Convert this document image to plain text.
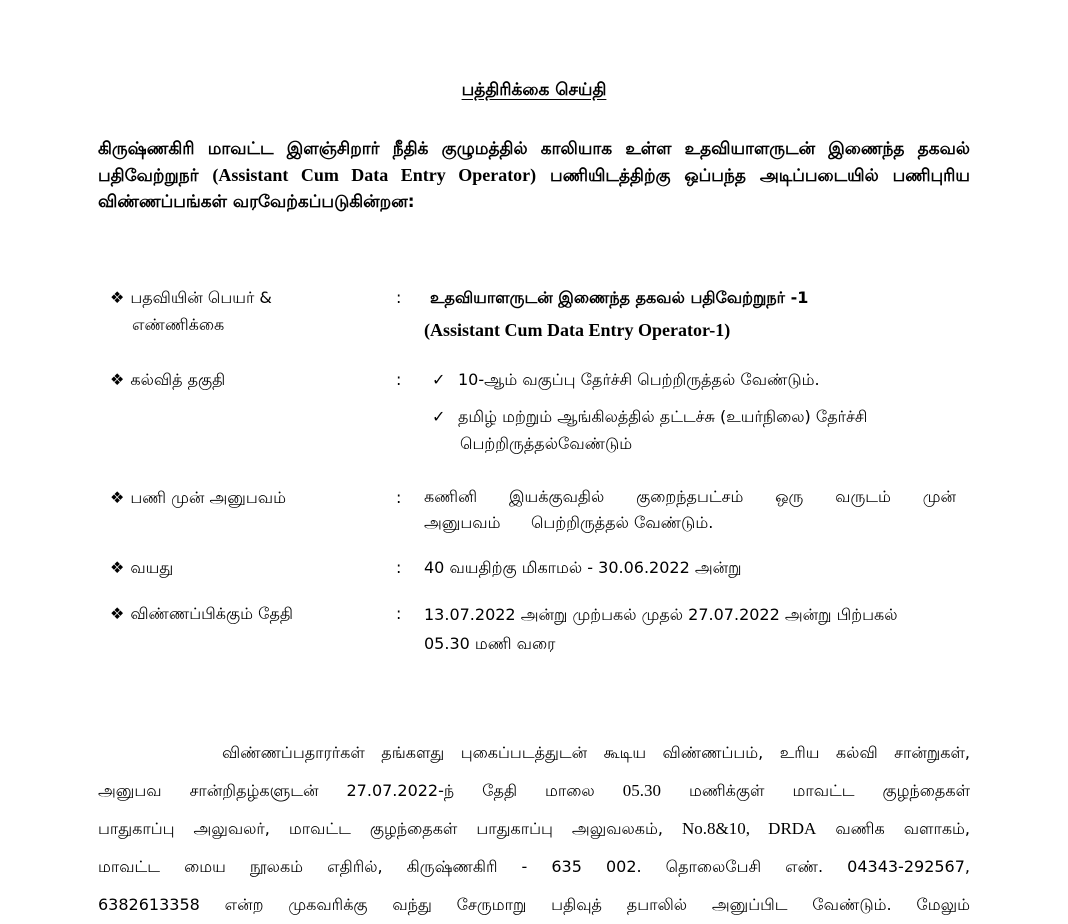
பத்திரிக்கை செய்தி
கிருஷ்ணகிரி மாவட்ட இளஞ்சிறார் நீதிக் குழுமத்தில் காலியாக உள்ள உதவியாளருடன் இணைந்த தகவல் பதிவேற்றுநர் (Assistant Cum Data Entry Operator) பணியிடத்திற்கு ஒப்பந்த அடிப்படையில் பணிபுரிய விண்ணப்பங்கள் வரவேற்கப்படுகின்றன:
❖ பதவியின் பெயர் &
எண்ணிக்கை
:	உதவியாளருடன் இணைந்த தகவல் பதிவேற்றுநர் -1
(Assistant Cum Data Entry Operator-1)
❖ கல்வித் தகுதி	:	✓ 10-ஆம் வகுப்பு தேர்ச்சி பெற்றிருத்தல் வேண்டும்.
✓ தமிழ் மற்றும் ஆங்கிலத்தில் தட்டச்சு (உயர்நிலை) தேர்ச்சி
பெற்றிருத்தல்வேண்டும்
❖ பணி முன் அனுபவம்	: கணினி இயக்குவதில் குறைந்தபட்சம் ஒரு வருடம் முன்
அனுபவம்      பெற்றிருத்தல் வேண்டும்.
❖ வயது	: 40 வயதிற்கு மிகாமல் - 30.06.2022 அன்று
❖ விண்ணப்பிக்கும் தேதி	: 13.07.2022 அன்று முற்பகல் முதல் 27.07.2022 அன்று பிற்பகல்
05.30 மணி வரை
விண்ணப்பதாரர்கள் தங்களது புகைப்படத்துடன் கூடிய விண்ணப்பம், உரிய கல்வி சான்றுகள்,
அனுபவ சான்றிதழ்களுடன் 27.07.2022-ந் தேதி மாலை 05.30 மணிக்குள் மாவட்ட குழந்தைகள்
பாதுகாப்பு அலுவலர், மாவட்ட குழந்தைகள் பாதுகாப்பு அலுவலகம், No.8&10, DRDA வணிக வளாகம்,
மாவட்ட மைய நூலகம் எதிரில், கிருஷ்ணகிரி - 635 002. தொலைபேசி எண். 04343-292567,
6382613358 என்ற முகவரிக்கு வந்து சேருமாறு பதிவுத் தபாலில் அனுப்பிட வேண்டும். மேலும்
